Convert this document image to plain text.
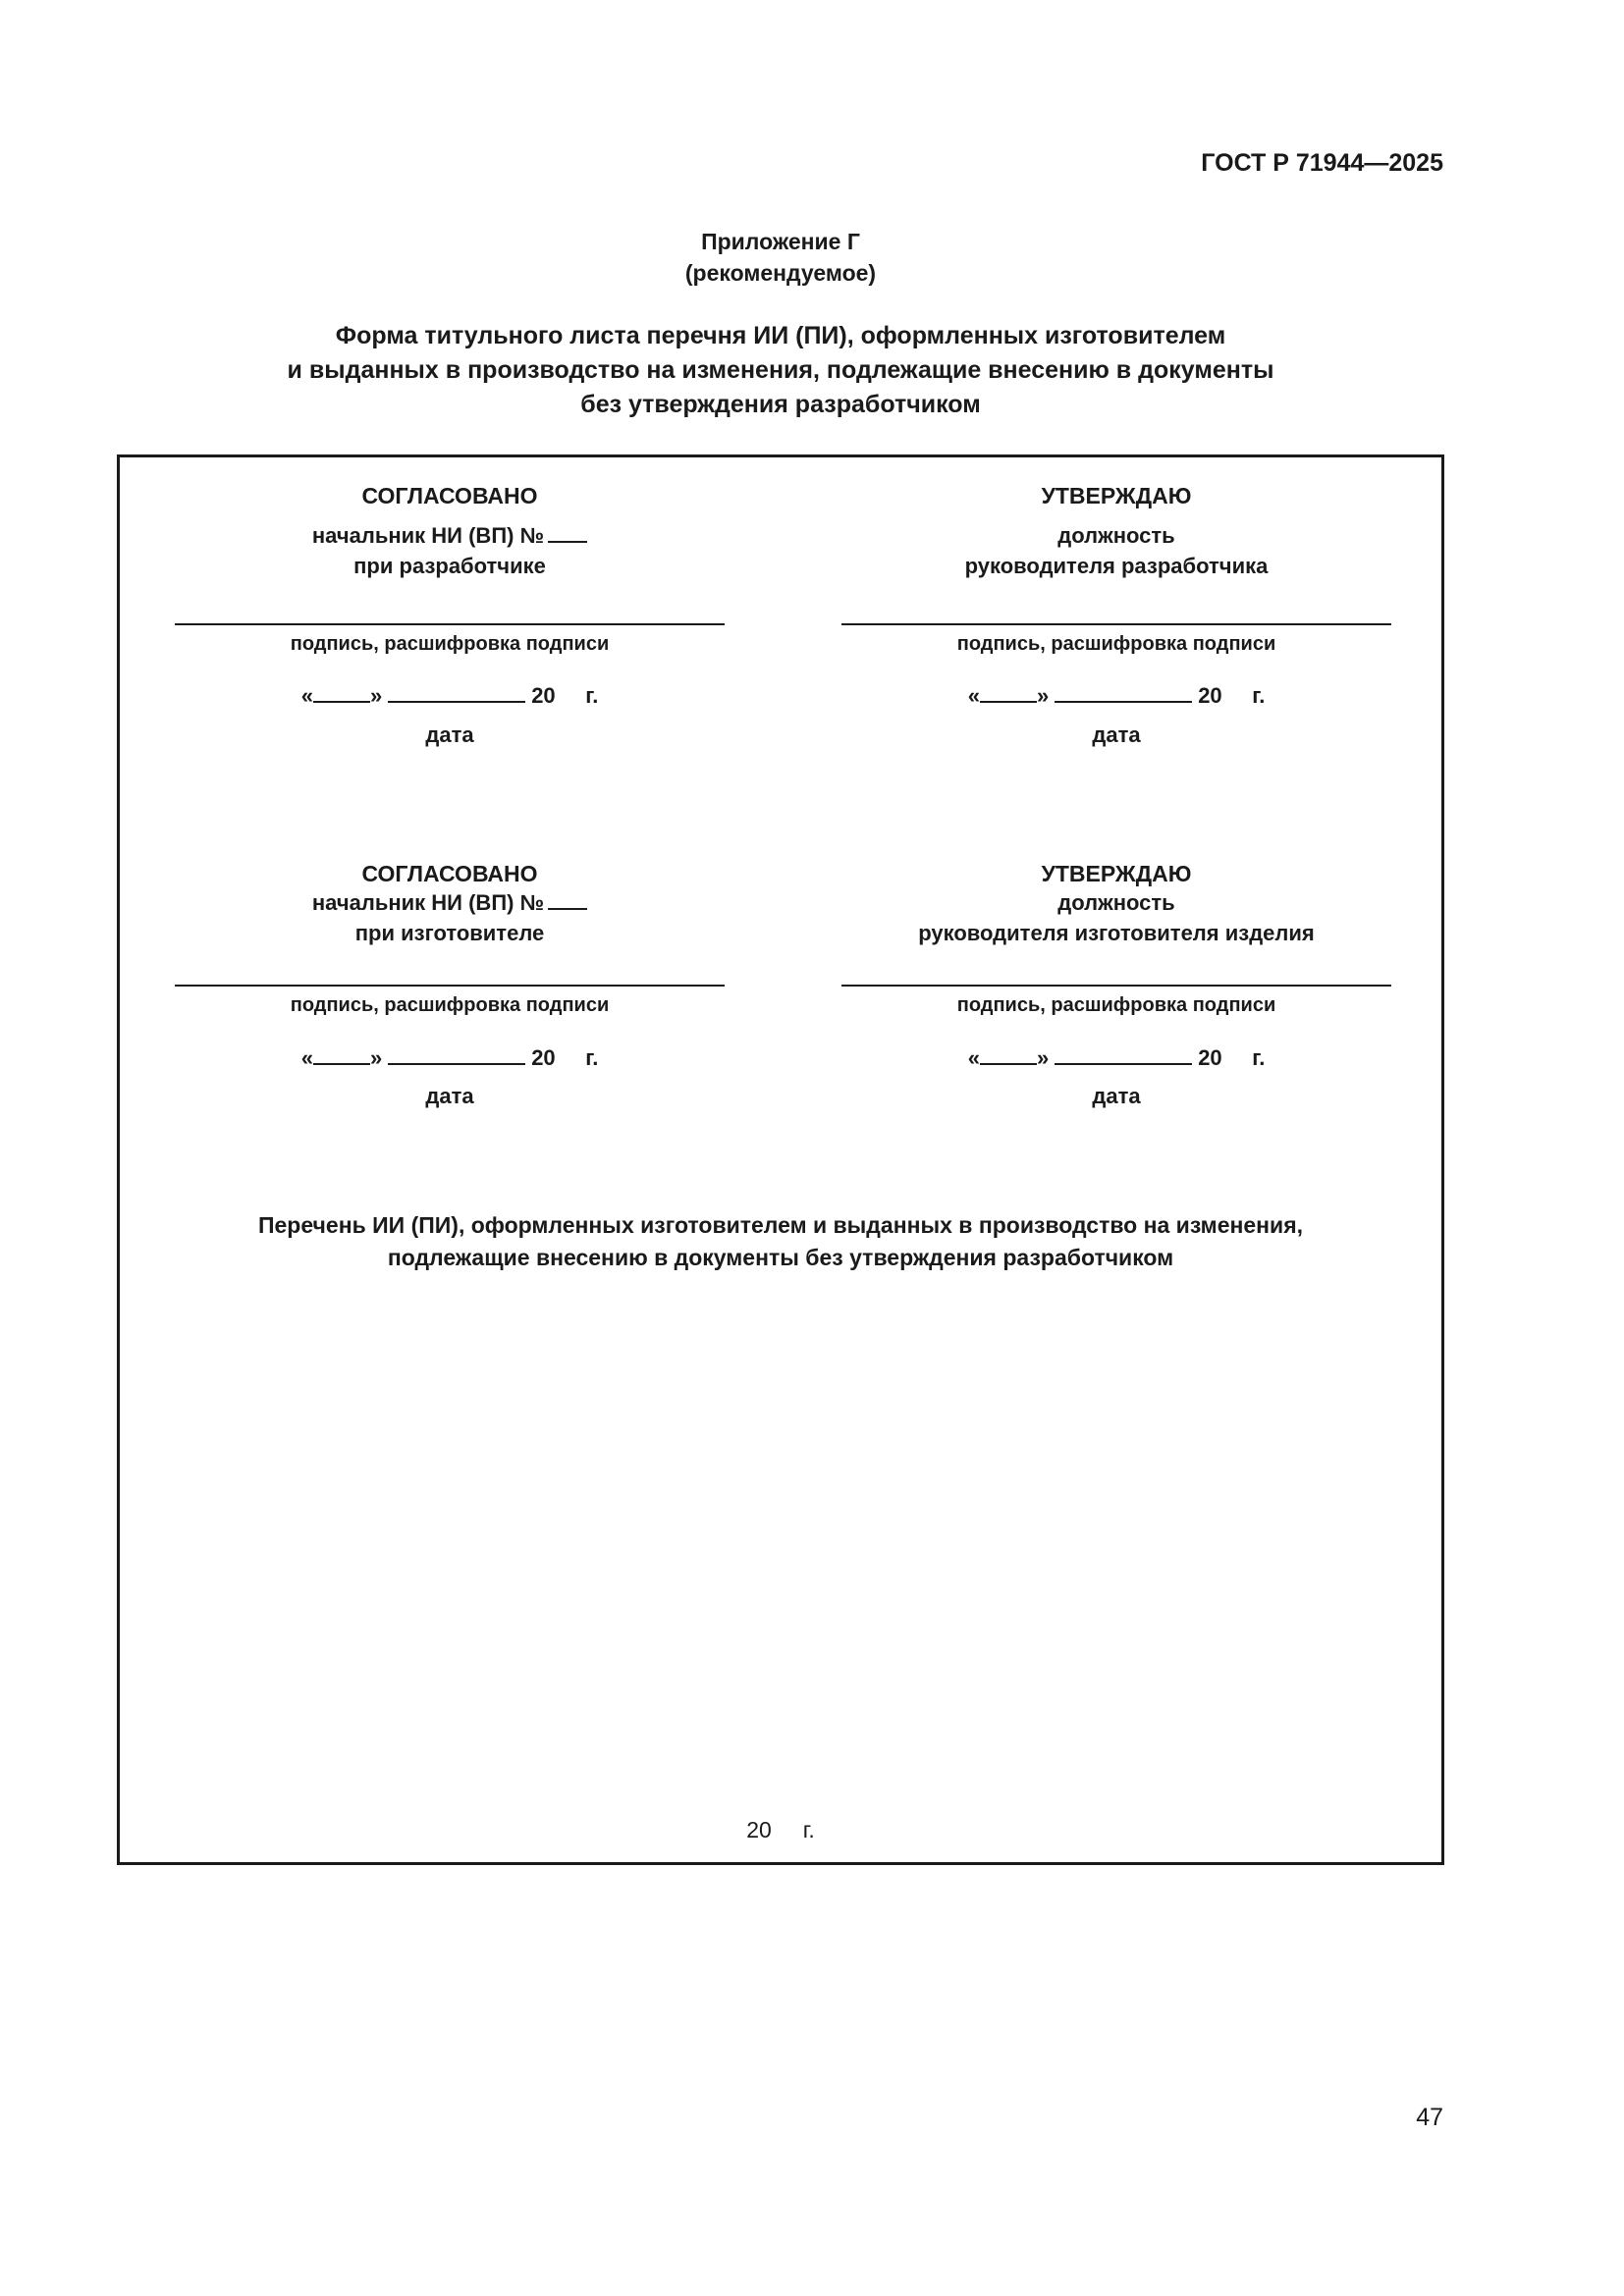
ГОСТ Р 71944—2025
Приложение Г
(рекомендуемое)
Форма титульного листа перечня ИИ (ПИ), оформленных изготовителем
и выданных в производство на изменения, подлежащие внесению в документы
без утверждения разработчиком
СОГЛАСОВАНО
начальник НИ (ВП) №
при разработчике
подпись, расшифровка подписи
«	»	20 г.
дата
УТВЕРЖДАЮ
должность
руководителя разработчика
подпись, расшифровка подписи
«	»	20 г.
дата
СОГЛАСОВАНО
начальник НИ (ВП) №
при изготовителе
подпись, расшифровка подписи
«	»	20 г.
дата
УТВЕРЖДАЮ
должность
руководителя изготовителя изделия
подпись, расшифровка подписи
«	»	20 г.
дата
Перечень ИИ (ПИ), оформленных изготовителем и выданных в производство на изменения,
подлежащие внесению в документы без утверждения разработчиком
20 г.
47
